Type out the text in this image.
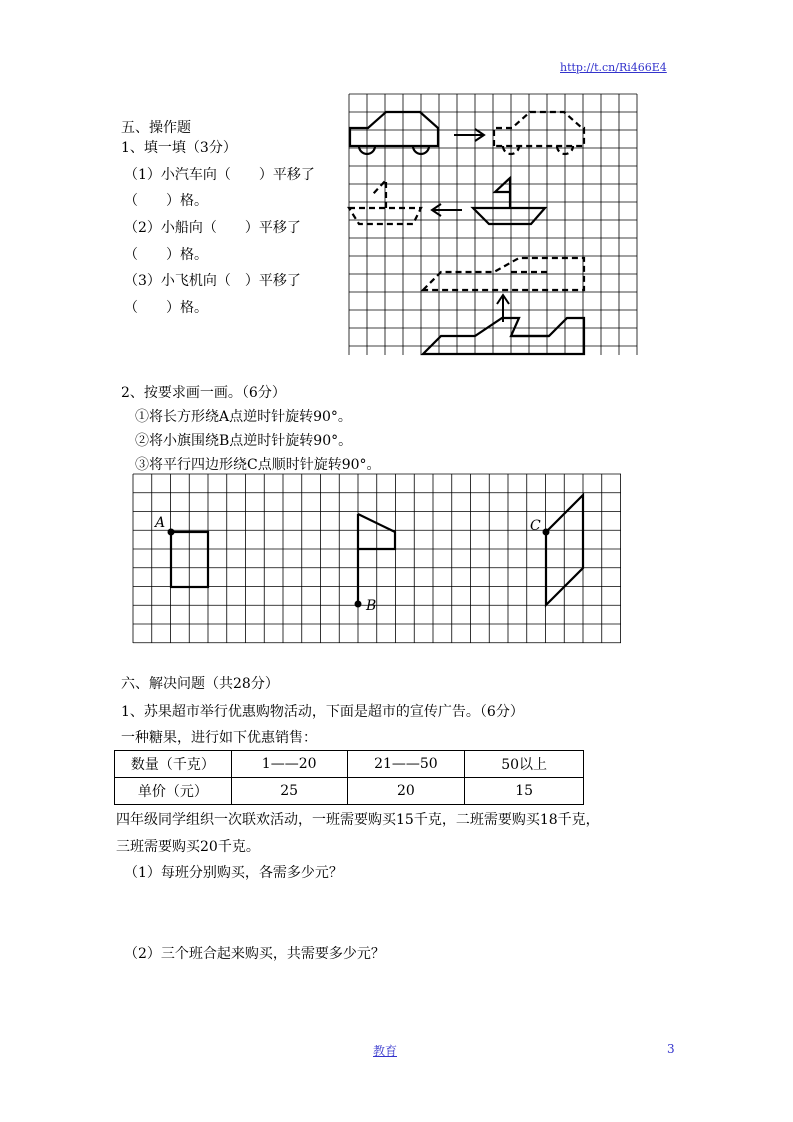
http://t.cn/Ri466E4
五、操作题
1、填一填（3分）
（1）小汽车向（　　）平移了
（　　）格。
（2）小船向（　　）平移了
（　　）格。
（3）小飞机向（　）平移了
（　　）格。
2、按要求画一画。（6分）
①将长方形绕A点逆时针旋转90°。
②将小旗围绕B点逆时针旋转90°。
③将平行四边形绕C点顺时针旋转90°。
A
B
C
六、解决问题（共28分）
1、苏果超市举行优惠购物活动，下面是超市的宣传广告。（6分）
一种糖果，进行如下优惠销售：
数量（千克）	1——20	21——50	50以上
单价（元）	25	20	15
四年级同学组织一次联欢活动，一班需要购买15千克，二班需要购买18千克，
三班需要购买20千克。
（1）每班分别购买，各需多少元？
（2）三个班合起来购买，共需要多少元？
教育	3
